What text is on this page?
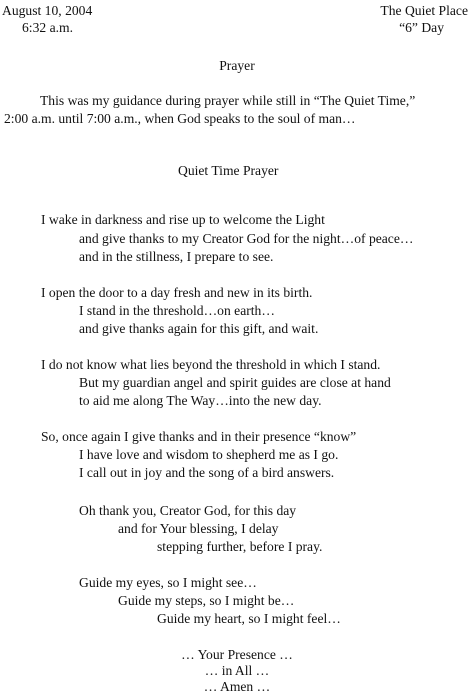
August 10, 2004
6:32 a.m.
The Quiet Place
“6” Day
Prayer
This was my guidance during prayer while still in “The Quiet Time,”
2:00 a.m. until 7:00 a.m., when God speaks to the soul of man…
Quiet Time Prayer
I wake in darkness and rise up to welcome the Light
and give thanks to my Creator God for the night…of peace…
and in the stillness, I prepare to see.
I open the door to a day fresh and new in its birth.
I stand in the threshold…on earth…
and give thanks again for this gift, and wait.
I do not know what lies beyond the threshold in which I stand.
But my guardian angel and spirit guides are close at hand
to aid me along The Way…into the new day.
So, once again I give thanks and in their presence “know”
I have love and wisdom to shepherd me as I go.
I call out in joy and the song of a bird answers.
Oh thank you, Creator God, for this day
and for Your blessing, I delay
stepping further, before I pray.
Guide my eyes, so I might see…
Guide my steps, so I might be…
Guide my heart, so I might feel…
… Your Presence …
… in All …
… Amen …
